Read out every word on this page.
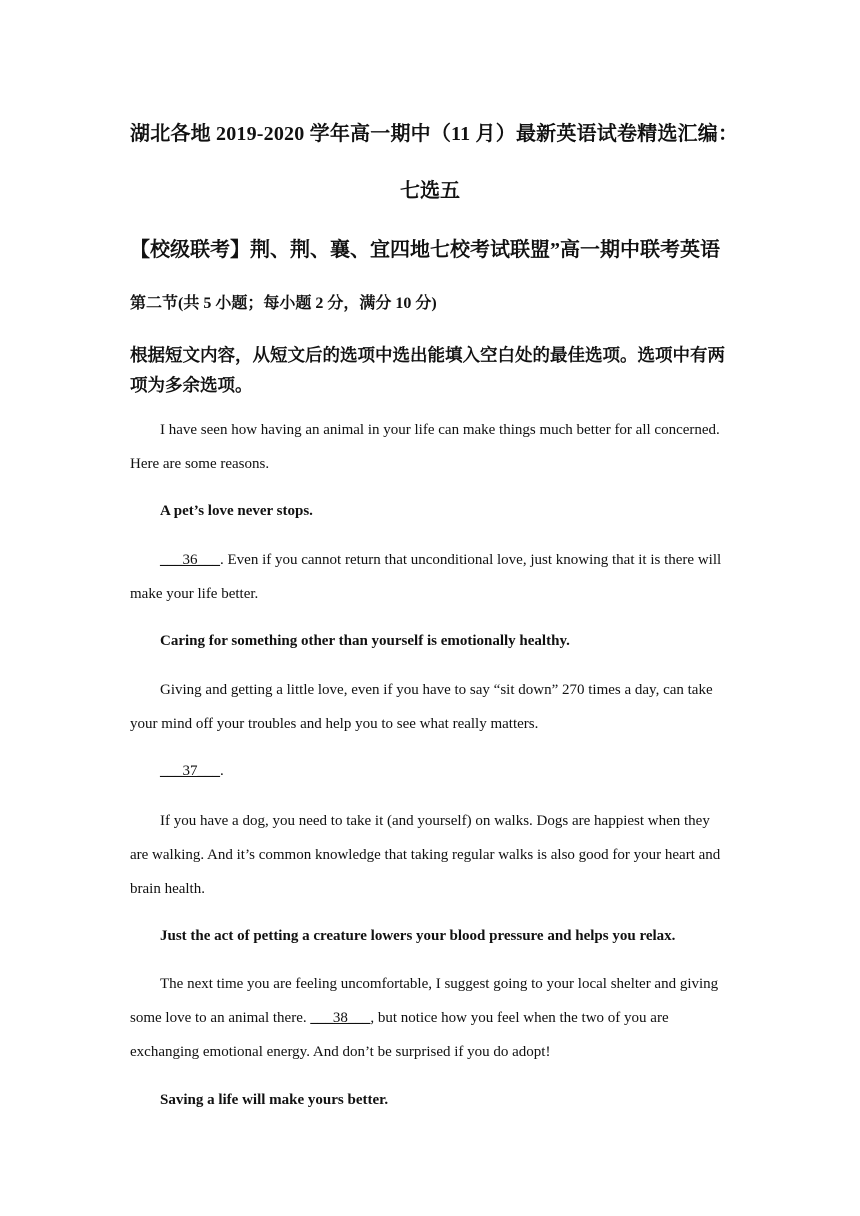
湖北各地 2019-2020 学年高一期中（11 月）最新英语试卷精选汇编：
七选五
【校级联考】荆、荆、襄、宜四地七校考试联盟”高一期中联考英语
第二节(共 5 小题；每小题 2 分，满分 10 分)
根据短文内容，从短文后的选项中选出能填入空白处的最佳选项。选项中有两项为多余选项。
I have seen how having an animal in your life can make things much better for all concerned. Here are some reasons.
A pet’s love never stops.
___36___. Even if you cannot return that unconditional love, just knowing that it is there will make your life better.
Caring for something other than yourself is emotionally healthy.
Giving and getting a little love, even if you have to say “sit down” 270 times a day, can take your mind off your troubles and help you to see what really matters.
___37___.
If you have a dog, you need to take it (and yourself) on walks. Dogs are happiest when they are walking. And it’s common knowledge that taking regular walks is also good for your heart and brain health.
Just the act of petting a creature lowers your blood pressure and helps you relax.
The next time you are feeling uncomfortable, I suggest going to your local shelter and giving some love to an animal there. ___38___, but notice how you feel when the two of you are exchanging emotional energy. And don’t be surprised if you do adopt!
Saving a life will make yours better.
